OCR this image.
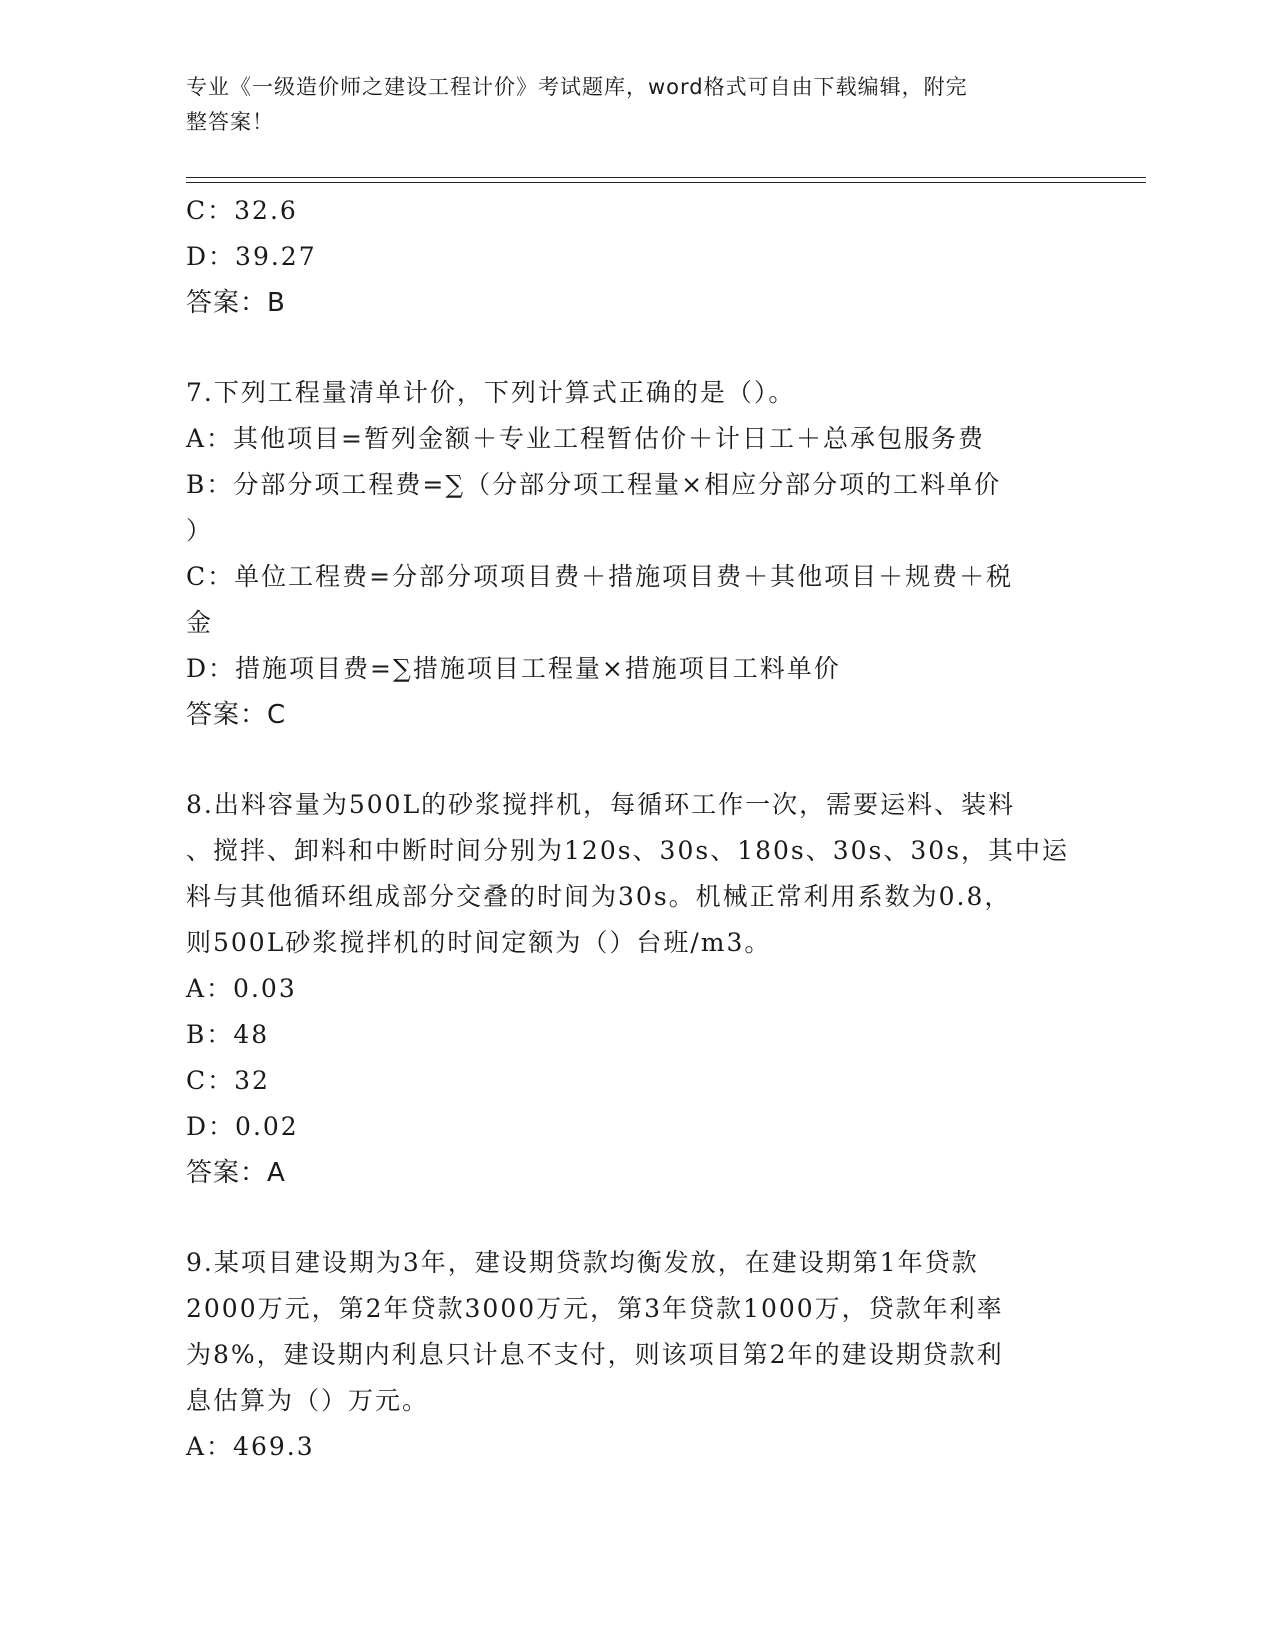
专业《一级造价师之建设工程计价》考试题库，word格式可自由下载编辑，附完
整答案！
C：32.6
D：39.27
答案：B
7.下列工程量清单计价，下列计算式正确的是（）。
A：其他项目=暂列金额＋专业工程暂估价＋计日工＋总承包服务费
B：分部分项工程费=∑（分部分项工程量×相应分部分项的工料单价
）
C：单位工程费=分部分项项目费＋措施项目费＋其他项目＋规费＋税
金
D：措施项目费=∑措施项目工程量×措施项目工料单价
答案：C
8.出料容量为500L的砂浆搅拌机，每循环工作一次，需要运料、装料
、搅拌、卸料和中断时间分别为120s、30s、180s、30s、30s，其中运
料与其他循环组成部分交叠的时间为30s。机械正常利用系数为0.8，
则500L砂浆搅拌机的时间定额为（）台班/m3。
A：0.03
B：48
C：32
D：0.02
答案：A
9.某项目建设期为3年，建设期贷款均衡发放，在建设期第1年贷款
2000万元，第2年贷款3000万元，第3年贷款1000万，贷款年利率
为8%，建设期内利息只计息不支付，则该项目第2年的建设期贷款利
息估算为（）万元。
A：469.3
